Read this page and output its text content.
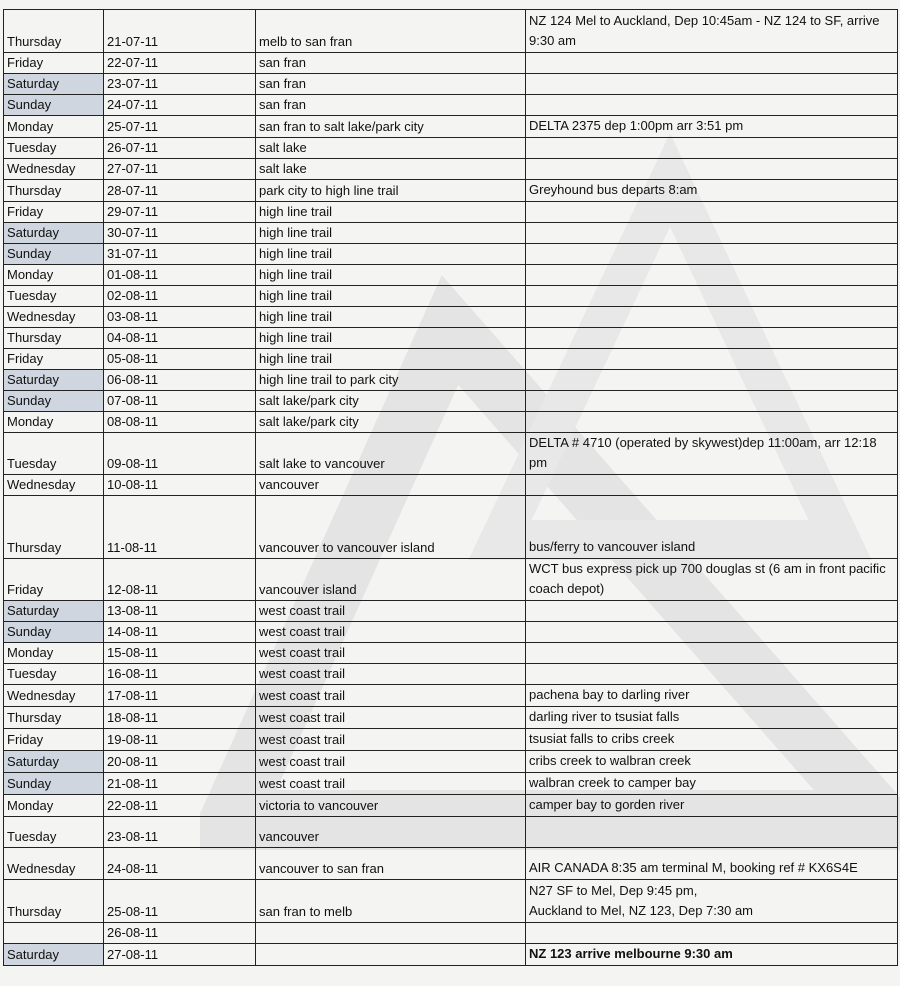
Thursday	21-07-11	melb to san fran	NZ 124 Mel to Auckland, Dep 10:45am - NZ 124 to SF, arrive 9:30 am
Friday	22-07-11	san fran	
Saturday	23-07-11	san fran	
Sunday	24-07-11	san fran	
Monday	25-07-11	san fran to salt lake/park city	DELTA 2375 dep 1:00pm arr 3:51 pm
Tuesday	26-07-11	salt lake	
Wednesday	27-07-11	salt lake	
Thursday	28-07-11	park city to high line trail	Greyhound bus departs 8:am
Friday	29-07-11	high line trail	
Saturday	30-07-11	high line trail	
Sunday	31-07-11	high line trail	
Monday	01-08-11	high line trail	
Tuesday	02-08-11	high line trail	
Wednesday	03-08-11	high line trail	
Thursday	04-08-11	high line trail	
Friday	05-08-11	high line trail	
Saturday	06-08-11	high line trail to park city	
Sunday	07-08-11	salt lake/park city	
Monday	08-08-11	salt lake/park city	
Tuesday	09-08-11	salt lake to vancouver	DELTA # 4710 (operated by skywest)dep 11:00am, arr 12:18 pm
Wednesday	10-08-11	vancouver	
Thursday	11-08-11	vancouver to vancouver island	bus/ferry to vancouver island
Friday	12-08-11	vancouver island	WCT bus express pick up 700 douglas st (6 am in front pacific coach depot)
Saturday	13-08-11	west coast trail	
Sunday	14-08-11	west coast trail	
Monday	15-08-11	west coast trail	
Tuesday	16-08-11	west coast trail	
Wednesday	17-08-11	west coast trail	pachena bay to darling river
Thursday	18-08-11	west coast trail	darling river to tsusiat falls
Friday	19-08-11	west coast trail	tsusiat falls to cribs creek
Saturday	20-08-11	west coast trail	cribs creek to walbran creek
Sunday	21-08-11	west coast trail	walbran creek to camper bay
Monday	22-08-11	victoria to vancouver	camper bay to gorden river
Tuesday	23-08-11	vancouver	
Wednesday	24-08-11	vancouver to san fran	AIR CANADA 8:35 am terminal M, booking ref # KX6S4E
Thursday	25-08-11	san fran to melb	N27 SF to Mel, Dep 9:45 pm,
Auckland to Mel, NZ 123, Dep 7:30 am
	26-08-11		
Saturday	27-08-11		NZ 123 arrive melbourne 9:30 am
